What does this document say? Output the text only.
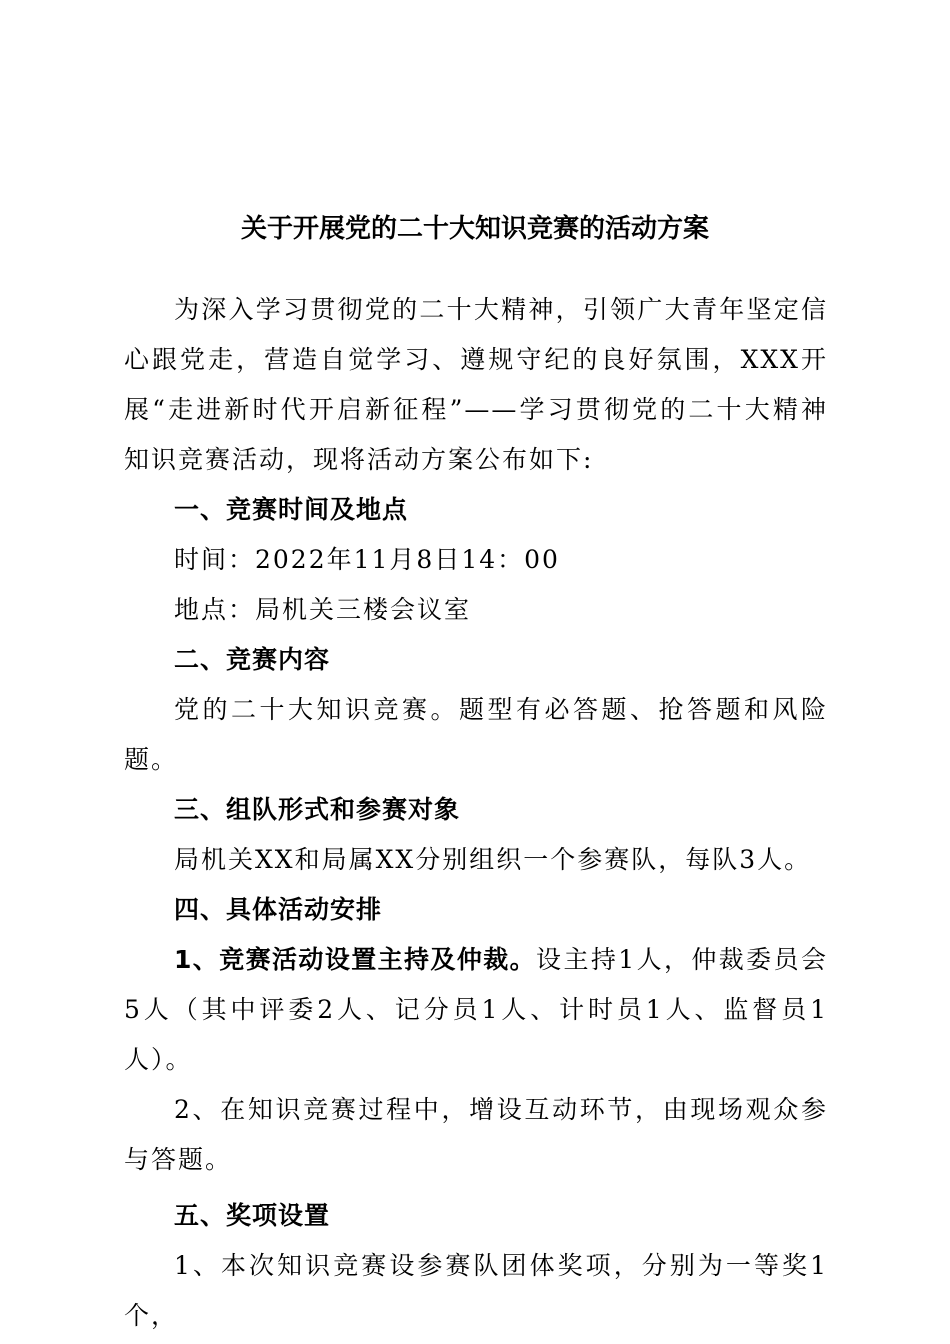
关于开展党的二十大知识竞赛的活动方案

为深入学习贯彻党的二十大精神，引领广大青年坚定信心跟党走，营造自觉学习、遵规守纪的良好氛围，XXX开展“走进新时代开启新征程”——学习贯彻党的二十大精神知识竞赛活动，现将活动方案公布如下:

一、竞赛时间及地点

时间：2022年11月8日14：00

地点：局机关三楼会议室

二、竞赛内容

党的二十大知识竞赛。题型有必答题、抢答题和风险题。

三、组队形式和参赛对象

局机关XX和局属XX分别组织一个参赛队，每队3人。

四、具体活动安排

1、竞赛活动设置主持及仲裁。设主持1人，仲裁委员会5人（其中评委2人、记分员1人、计时员1人、监督员1人）。

2、在知识竞赛过程中，增设互动环节，由现场观众参与答题。

五、奖项设置

1、本次知识竞赛设参赛队团体奖项，分别为一等奖1个，
